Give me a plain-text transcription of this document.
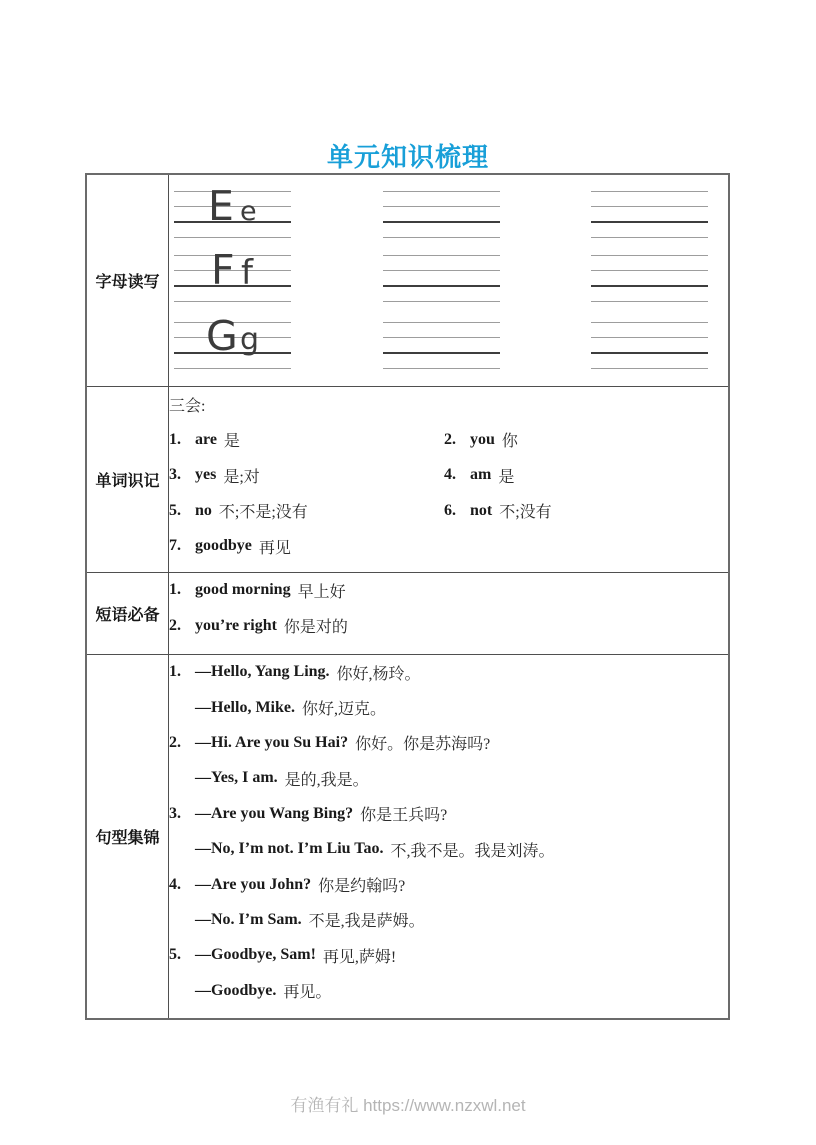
单元知识梳理
字母读写	
E e
F f
G g

单词识记	
三会:
1. are 是	2. you 你
3. yes 是;对	4. am 是
5. no 不;不是;没有	6. not 不;没有
7. goodbye 再见

短语必备	
1. good morning 早上好
2. you’re right 你是对的

句型集锦	
1. —Hello, Yang Ling. 你好,杨玲。
—Hello, Mike. 你好,迈克。
2. —Hi. Are you Su Hai? 你好。你是苏海吗?
—Yes, I am. 是的,我是。
3. —Are you Wang Bing? 你是王兵吗?
—No, I’m not. I’m Liu Tao. 不,我不是。我是刘涛。
4. —Are you John? 你是约翰吗?
—No. I’m Sam. 不是,我是萨姆。
5. —Goodbye, Sam! 再见,萨姆!
—Goodbye. 再见。
有渔有礼 https://www.nzxwl.net
